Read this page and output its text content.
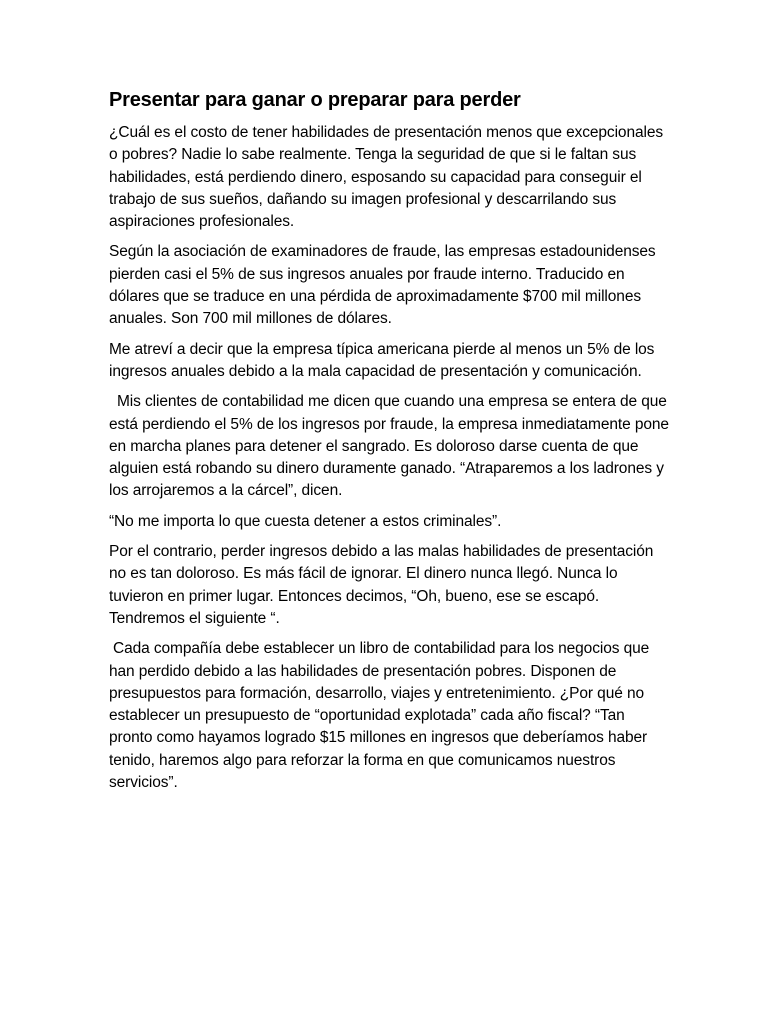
Presentar para ganar o preparar para perder

¿Cuál es el costo de tener habilidades de presentación menos que excepcionales o pobres? Nadie lo sabe realmente. Tenga la seguridad de que si le faltan sus habilidades, está perdiendo dinero, esposando su capacidad para conseguir el trabajo de sus sueños, dañando su imagen profesional y descarrilando sus aspiraciones profesionales.

Según la asociación de examinadores de fraude, las empresas estadounidenses pierden casi el 5% de sus ingresos anuales por fraude interno. Traducido en dólares que se traduce en una pérdida de aproximadamente $700 mil millones anuales. Son 700 mil millones de dólares.

Me atreví a decir que la empresa típica americana pierde al menos un 5% de los ingresos anuales debido a la mala capacidad de presentación y comunicación.

Mis clientes de contabilidad me dicen que cuando una empresa se entera de que está perdiendo el 5% de los ingresos por fraude, la empresa inmediatamente pone en marcha planes para detener el sangrado. Es doloroso darse cuenta de que alguien está robando su dinero duramente ganado. “Atraparemos a los ladrones y los arrojaremos a la cárcel”, dicen.

“No me importa lo que cuesta detener a estos criminales”.

Por el contrario, perder ingresos debido a las malas habilidades de presentación no es tan doloroso. Es más fácil de ignorar. El dinero nunca llegó. Nunca lo tuvieron en primer lugar. Entonces decimos, “Oh, bueno, ese se escapó. Tendremos el siguiente “.

Cada compañía debe establecer un libro de contabilidad para los negocios que han perdido debido a las habilidades de presentación pobres. Disponen de presupuestos para formación, desarrollo, viajes y entretenimiento. ¿Por qué no establecer un presupuesto de “oportunidad explotada” cada año fiscal? “Tan pronto como hayamos logrado $15 millones en ingresos que deberíamos haber tenido, haremos algo para reforzar la forma en que comunicamos nuestros servicios”.
